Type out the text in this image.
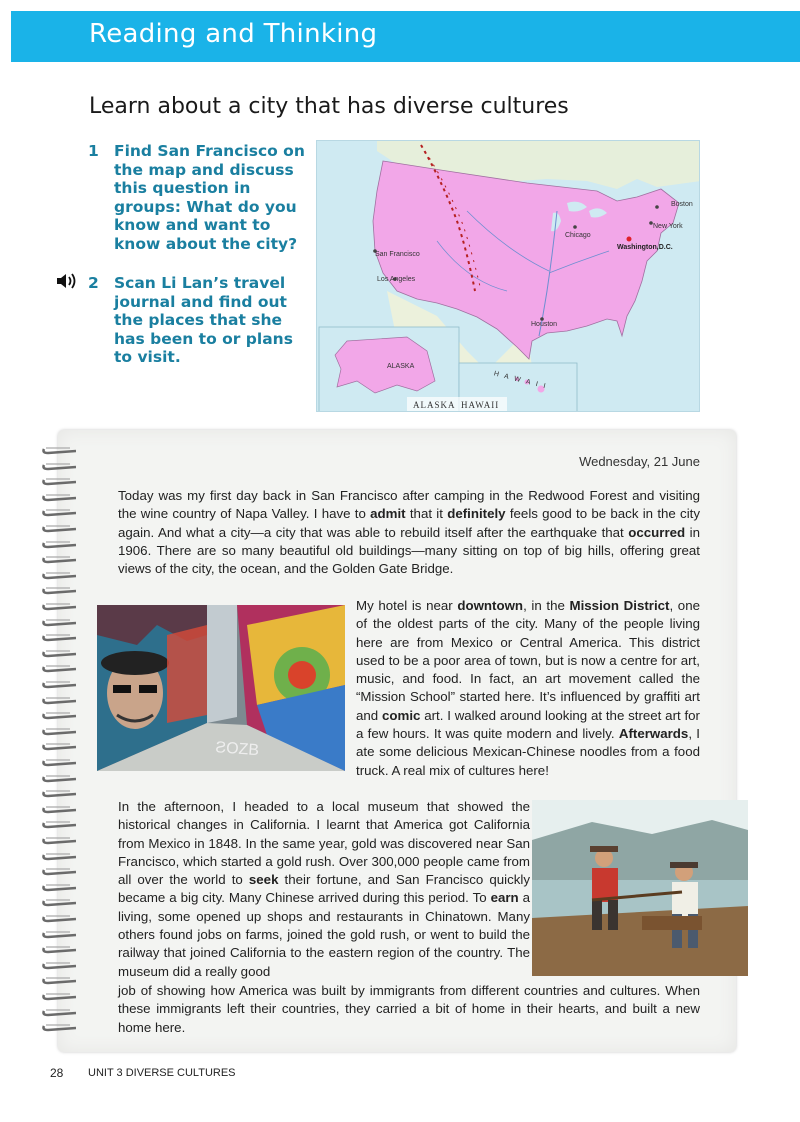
Reading and Thinking
Learn about a city that has diverse cultures
1 Find San Francisco on the map and discuss this question in groups: What do you know and want to know about the city?
2 Scan Li Lan’s travel journal and find out the places that she has been to or plans to visit.
Boston
New York
Chicago
Washington,D.C.
San Francisco
Los Angeles
Houston
ALASKA
H A W A I I
ALASKA HAWAII
Wednesday, 21 June
Today was my first day back in San Francisco after camping in the Redwood Forest and visiting the wine country of Napa Valley. I have to admit that it definitely feels good to be back in the city again. And what a city—a city that was able to rebuild itself after the earthquake that occurred in 1906. There are so many beautiful old buildings—many sitting on top of big hills, offering great views of the city, the ocean, and the Golden Gate Bridge.
ƧOZB
My hotel is near downtown, in the Mission District, one of the oldest parts of the city. Many of the people living here are from Mexico or Central America. This district used to be a poor area of town, but is now a centre for art, music, and food. In fact, an art movement called the “Mission School” started here. It’s influenced by graffiti art and comic art. I walked around looking at the street art for a few hours. It was quite modern and lively. Afterwards, I ate some delicious Mexican-Chinese noodles from a food truck. A real mix of cultures here!
In the afternoon, I headed to a local museum that showed the historical changes in California. I learnt that America got California from Mexico in 1848. In the same year, gold was discovered near San Francisco, which started a gold rush. Over 300,000 people came from all over the world to seek their fortune, and San Francisco quickly became a big city. Many Chinese arrived during this period. To earn a living, some opened up shops and restaurants in Chinatown. Many others found jobs on farms, joined the gold rush, or went to build the railway that joined California to the eastern region of the country. The museum did a really good
job of showing how America was built by immigrants from different countries and cultures. When these immigrants left their countries, they carried a bit of home in their hearts, and built a new home here.
28 UNIT 3 DIVERSE CULTURES
